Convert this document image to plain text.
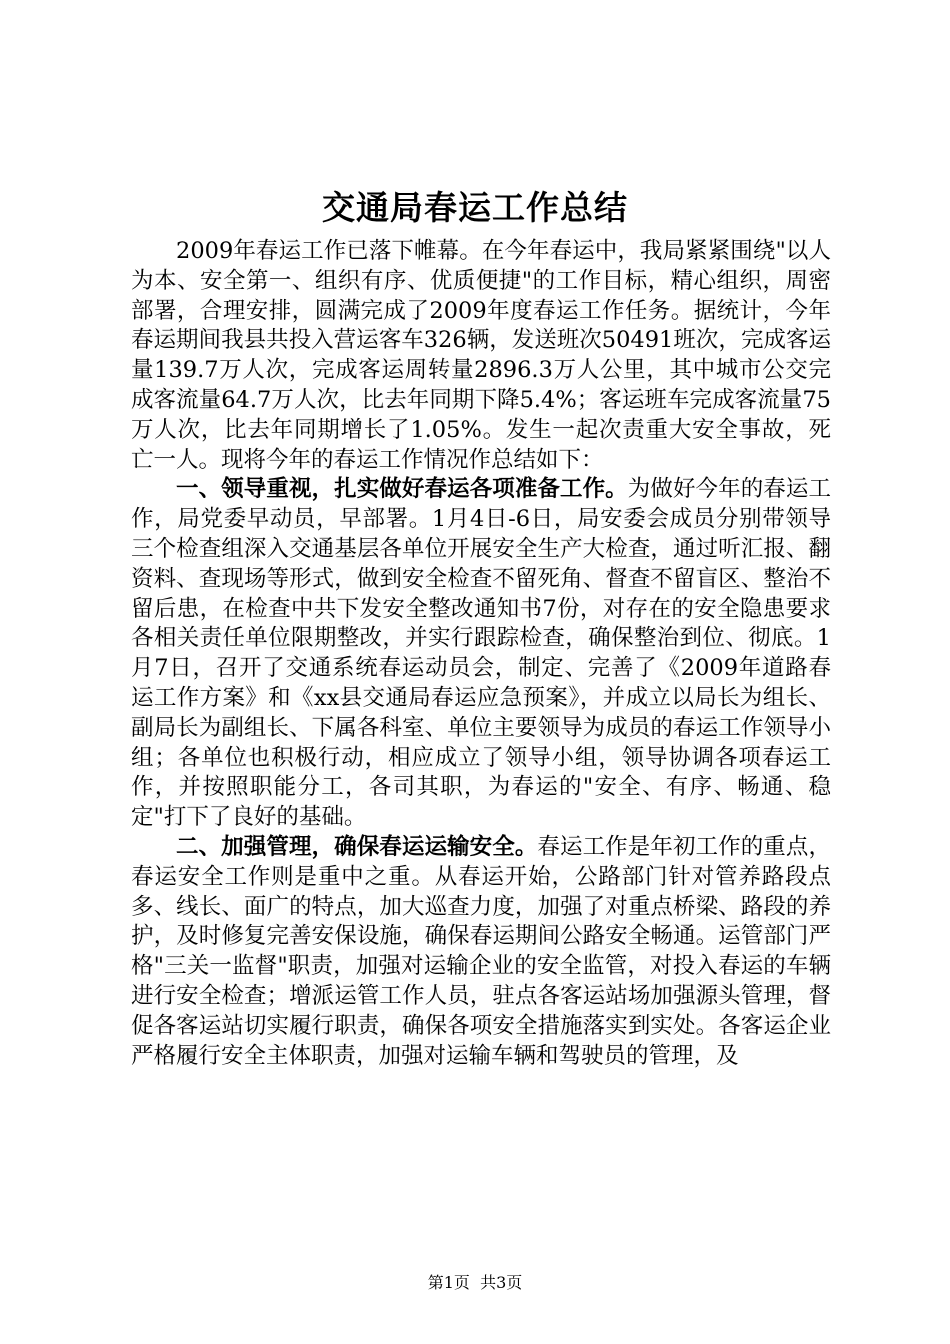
交通局春运工作总结

2009年春运工作已落下帷幕。在今年春运中，我局紧紧围绕"以人为本、安全第一、组织有序、优质便捷"的工作目标，精心组织，周密部署，合理安排，圆满完成了2009年度春运工作任务。据统计，今年春运期间我县共投入营运客车326辆，发送班次50491班次，完成客运量139.7万人次，完成客运周转量2896.3万人公里，其中城市公交完成客流量64.7万人次，比去年同期下降5.4%；客运班车完成客流量75万人次，比去年同期增长了1.05%。发生一起次责重大安全事故，死亡一人。现将今年的春运工作情况作总结如下：

一、领导重视，扎实做好春运各项准备工作。为做好今年的春运工作，局党委早动员，早部署。1月4日-6日，局安委会成员分别带领导三个检查组深入交通基层各单位开展安全生产大检查，通过听汇报、翻资料、查现场等形式，做到安全检查不留死角、督查不留盲区、整治不留后患，在检查中共下发安全整改通知书7份，对存在的安全隐患要求各相关责任单位限期整改，并实行跟踪检查，确保整治到位、彻底。1月7日，召开了交通系统春运动员会，制定、完善了《2009年道路春运工作方案》和《xx县交通局春运应急预案》，并成立以局长为组长、副局长为副组长、下属各科室、单位主要领导为成员的春运工作领导小组；各单位也积极行动，相应成立了领导小组，领导协调各项春运工作，并按照职能分工，各司其职，为春运的"安全、有序、畅通、稳定"打下了良好的基础。

二、加强管理，确保春运运输安全。春运工作是年初工作的重点，春运安全工作则是重中之重。从春运开始，公路部门针对管养路段点多、线长、面广的特点，加大巡查力度，加强了对重点桥梁、路段的养护，及时修复完善安保设施，确保春运期间公路安全畅通。运管部门严格"三关一监督"职责，加强对运输企业的安全监管，对投入春运的车辆进行安全检查；增派运管工作人员，驻点各客运站场加强源头管理，督促各客运站切实履行职责，确保各项安全措施落实到实处。各客运企业严格履行安全主体职责，加强对运输车辆和驾驶员的管理，及

第1页  共3页
